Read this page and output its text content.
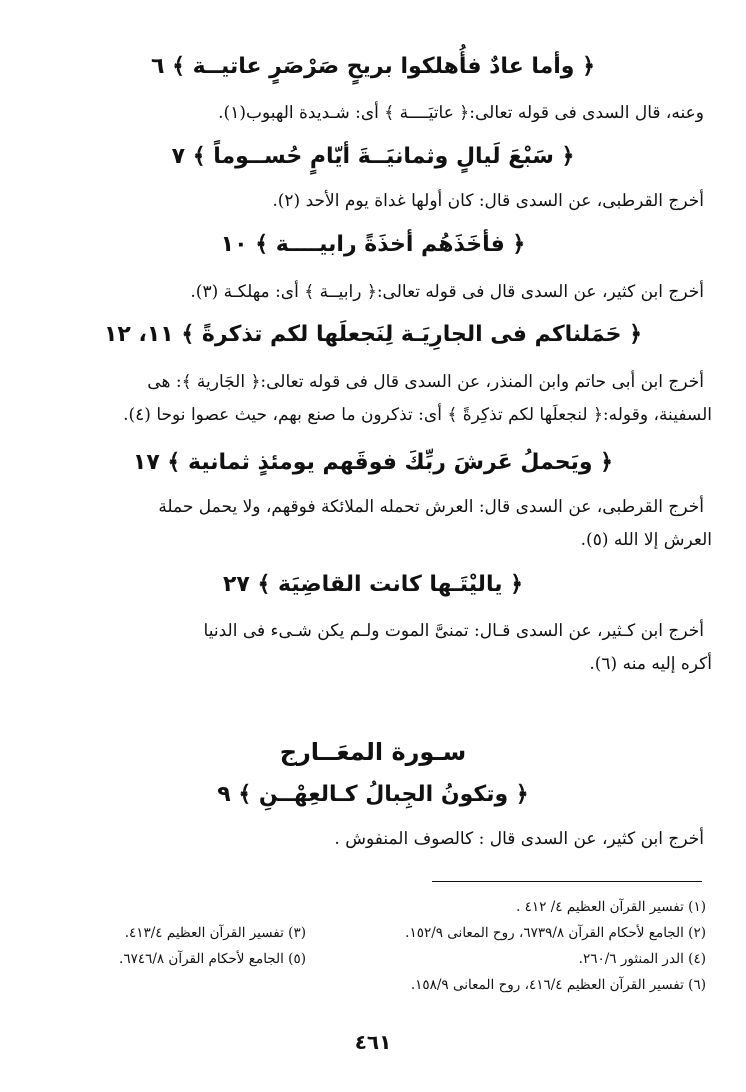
﴿ وأما عادٌ فأُهلكوا بريحٍ صَرْصَرٍ عاتيــة ﴾ ٦
وعنه، قال السدى فى قوله تعالى:﴿ عاتيَــــة ﴾ أى: شـديدة الهبوب(١).
﴿ سَبْعَ لَيالٍ وثمانيَــةَ أيّامٍ حُســوماً ﴾ ٧
أخرج القرطبى، عن السدى قال: كان أولها غداة يوم الأحد (٢).
﴿ فأخَذَهُم أخذَةً رابيــــة ﴾ ١٠
أخرج ابن كثير، عن السدى قال فى قوله تعالى:﴿ رابيــة ﴾ أى: مهلكـة (٣).
﴿ حَمَلناكم فى الجارِيَـة لِنَجعلَها لكم تذكرةً ﴾ ١١، ١٢
أخرج ابن أبى حاتم وابن المنذر، عن السدى قال فى قوله تعالى:﴿ الجَارية ﴾: هى
السفينة، وقوله:﴿ لنجعلَها لكم تذكِرةً ﴾ أى: تذكرون ما صنع بهم، حيث عصوا نوحا (٤).
﴿ ويَحملُ عَرشَ ربِّكَ فوقَهم يومئذٍ ثمانية ﴾ ١٧
أخرج القرطبى، عن السدى قال: العرش تحمله الملائكة فوقهم، ولا يحمل حملة
العرش إلا الله (٥).
﴿ ياليْتَـها كانت القاضِيَة ﴾ ٢٧
أخرج ابن كـثير، عن السدى قـال: تمنىَّ الموت ولـم يكن شـىء فى الدنيا
أكره إليه منه (٦).
سـورة المعَــارج
﴿ وتكونُ الجِبالُ كـالعِهْــنِ ﴾ ٩
أخرج ابن كثير، عن السدى قال : كالصوف المنفوش .
(١) تفسير القرآن العظيم ٤/ ٤١٢ .
(٢) الجامع لأحكام القرآن ٦٧٣٩/٨، روح المعانى ١٥٢/٩.
(٣) تفسير القرآن العظيم ٤١٣/٤.
(٤) الدر المنثور ٢٦٠/٦.
(٥) الجامع لأحكام القرآن ٦٧٤٦/٨.
(٦) تفسير القرآن العظيم ٤١٦/٤، روح المعانى ١٥٨/٩.
٤٦١
